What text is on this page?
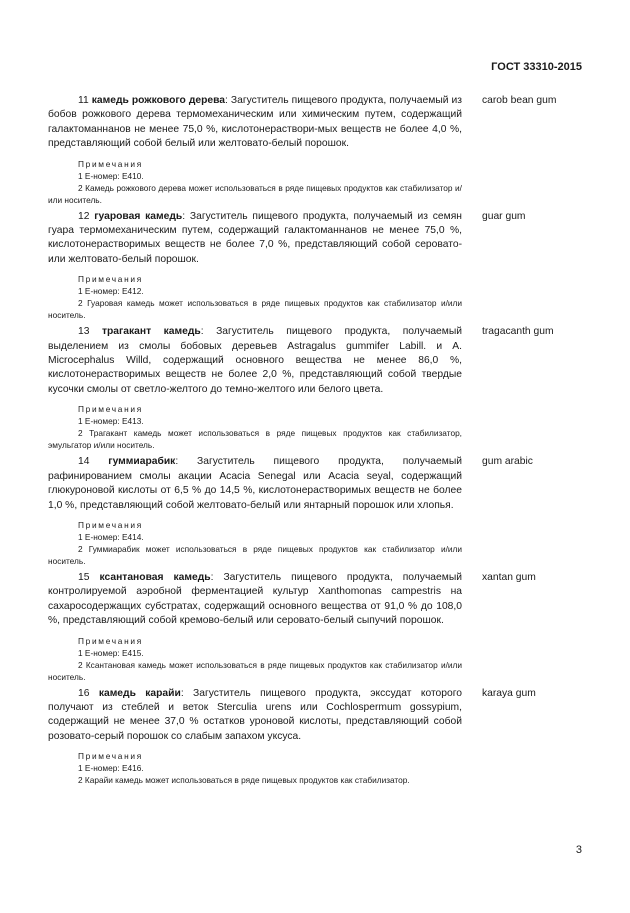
ГОСТ 33310-2015

11 камедь рожкового дерева: Загуститель пищевого продукта, получаемый из бобов рожкового дерева термомеханическим или химическим путем, содержащий галактоманнанов не менее 75,0 %, кислотонераствори-мых веществ не более 4,0 %, представляющий собой белый или желтовато-белый порошок.

carob bean gum
Примечания
1 Е-номер: Е410.
2 Камедь рожкового дерева может использоваться в ряде пищевых продуктов как стабилизатор и/или носитель.

12 гуаровая камедь: Загуститель пищевого продукта, получаемый из семян гуара термомеханическим путем, содержащий галактоманнанов не менее 75,0 %, кислотонерастворимых веществ не более 7,0 %, представляющий собой серовато- или желтовато-белый порошок.

guar gum
Примечания
1 Е-номер: Е412.
2 Гуаровая камедь может использоваться в ряде пищевых продуктов как стабилизатор и/или носитель.

13 трагакант камедь: Загуститель пищевого продукта, получаемый выделением из смолы бобовых деревьев Astragalus gummifer Labill. и A. Microcephalus Willd, содержащий основного вещества не менее 86,0 %, кислотонерастворимых веществ не более 2,0 %, представляющий собой твердые кусочки смолы от светло-желтого до темно-желтого или белого цвета.

tragacanth gum
Примечания
1 Е-номер: Е413.
2 Трагакант камедь может использоваться в ряде пищевых продуктов как стабилизатор, эмульгатор и/или носитель.

14 гуммиарабик: Загуститель пищевого продукта, получаемый рафинированием смолы акации Acacia Senegal или Acacia seyal, содержащий глюкуроновой кислоты от 6,5 % до 14,5 %, кислотонерастворимых веществ не более 1,0 %, представляющий собой желтовато-белый или янтарный порошок или хлопья.

gum arabic
Примечания
1 Е-номер: Е414.
2 Гуммиарабик может использоваться в ряде пищевых продуктов как стабилизатор и/или носитель.

15 ксантановая камедь: Загуститель пищевого продукта, получаемый контролируемой аэробной ферментацией культур Xanthomonas campestris на сахаросодержащих субстратах, содержащий основного вещества от 91,0 % до 108,0 %, представляющий собой кремово-белый или серовато-белый сыпучий порошок.

xantan gum
Примечания
1 Е-номер: Е415.
2 Ксантановая камедь может использоваться в ряде пищевых продуктов как стабилизатор и/или носитель.

16 камедь карайи: Загуститель пищевого продукта, экссудат которого получают из стеблей и веток Sterculia urens или Cochlospermum gossypium, содержащий не менее 37,0 % остатков уроновой кислоты, представляющий собой розовато-серый порошок со слабым запахом уксуса.

karaya gum
Примечания
1 Е-номер: Е416.
2 Карайи камедь может использоваться в ряде пищевых продуктов как стабилизатор.
3
